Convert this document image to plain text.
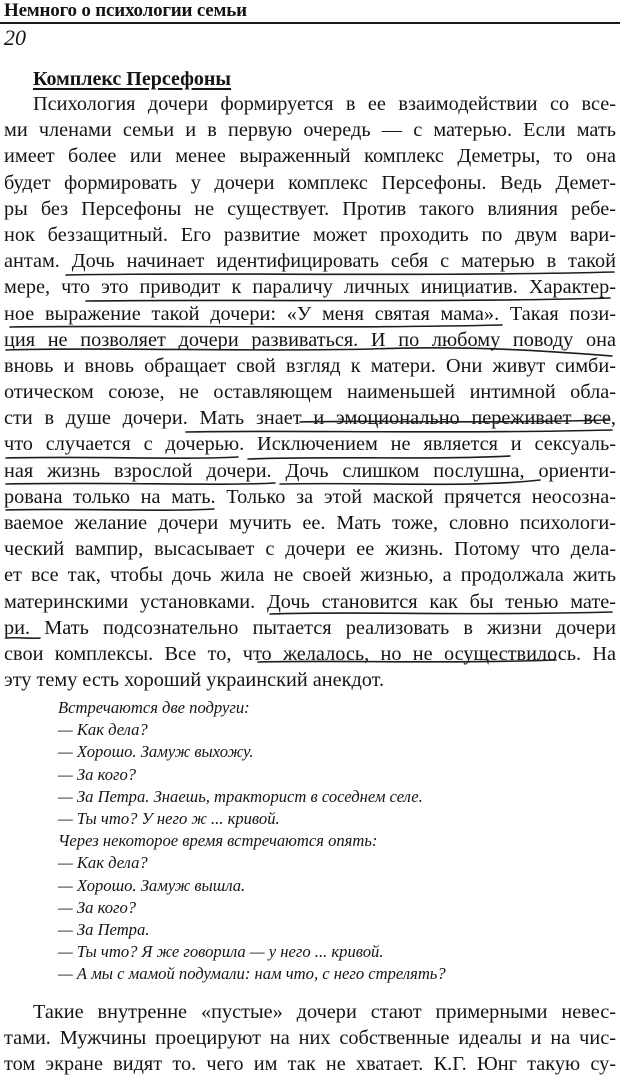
Немного о психологии семьи
20
Комплекс Персефоны
Психология дочери формируется в ее взаимодействии со все-
ми членами семьи и в первую очередь — с матерью. Если мать
имеет более или менее выраженный комплекс Деметры, то она
будет формировать у дочери комплекс Персефоны. Ведь Демет-
ры без Персефоны не существует. Против такого влияния ребе-
нок беззащитный. Его развитие может проходить по двум вари-
антам. Дочь начинает идентифицировать себя с матерью в такой
мере, что это приводит к параличу личных инициатив. Характер-
ное выражение такой дочери: «У меня святая мама». Такая пози-
ция не позволяет дочери развиваться. И по любому поводу она
вновь и вновь обращает свой взгляд к матери. Они живут симби-
отическом союзе, не оставляющем наименьшей интимной обла-
сти в душе дочери. Мать знает и эмоционально переживает все,
что случается с дочерью. Исключением не является и сексуаль-
ная жизнь взрослой дочери. Дочь слишком послушна, ориенти-
рована только на мать. Только за этой маской прячется неосозна-
ваемое желание дочери мучить ее. Мать тоже, словно психологи-
ческий вампир, высасывает с дочери ее жизнь. Потому что дела-
ет все так, чтобы дочь жила не своей жизнью, а продолжала жить
материнскими установками. Дочь становится как бы тенью мате-
ри. Мать подсознательно пытается реализовать в жизни дочери
свои комплексы. Все то, что желалось, но не осуществилось. На
эту тему есть хороший украинский анекдот.
Встречаются две подруги:
— Как дела?
— Хорошо. Замуж выхожу.
— За кого?
— За Петра. Знаешь, тракторист в соседнем селе.
— Ты что? У него ж ... кривой.
Через некоторое время встречаются опять:
— Как дела?
— Хорошо. Замуж вышла.
— За кого?
— За Петра.
— Ты что? Я же говорила — у него ... кривой.
— А мы с мамой подумали: нам что, с него стрелять?
Такие внутренне «пустые» дочери стают примерными невес-
тами. Мужчины проецируют на них собственные идеалы и на чис-
том экране видят то. чего им так не хватает. К.Г. Юнг такую су-
